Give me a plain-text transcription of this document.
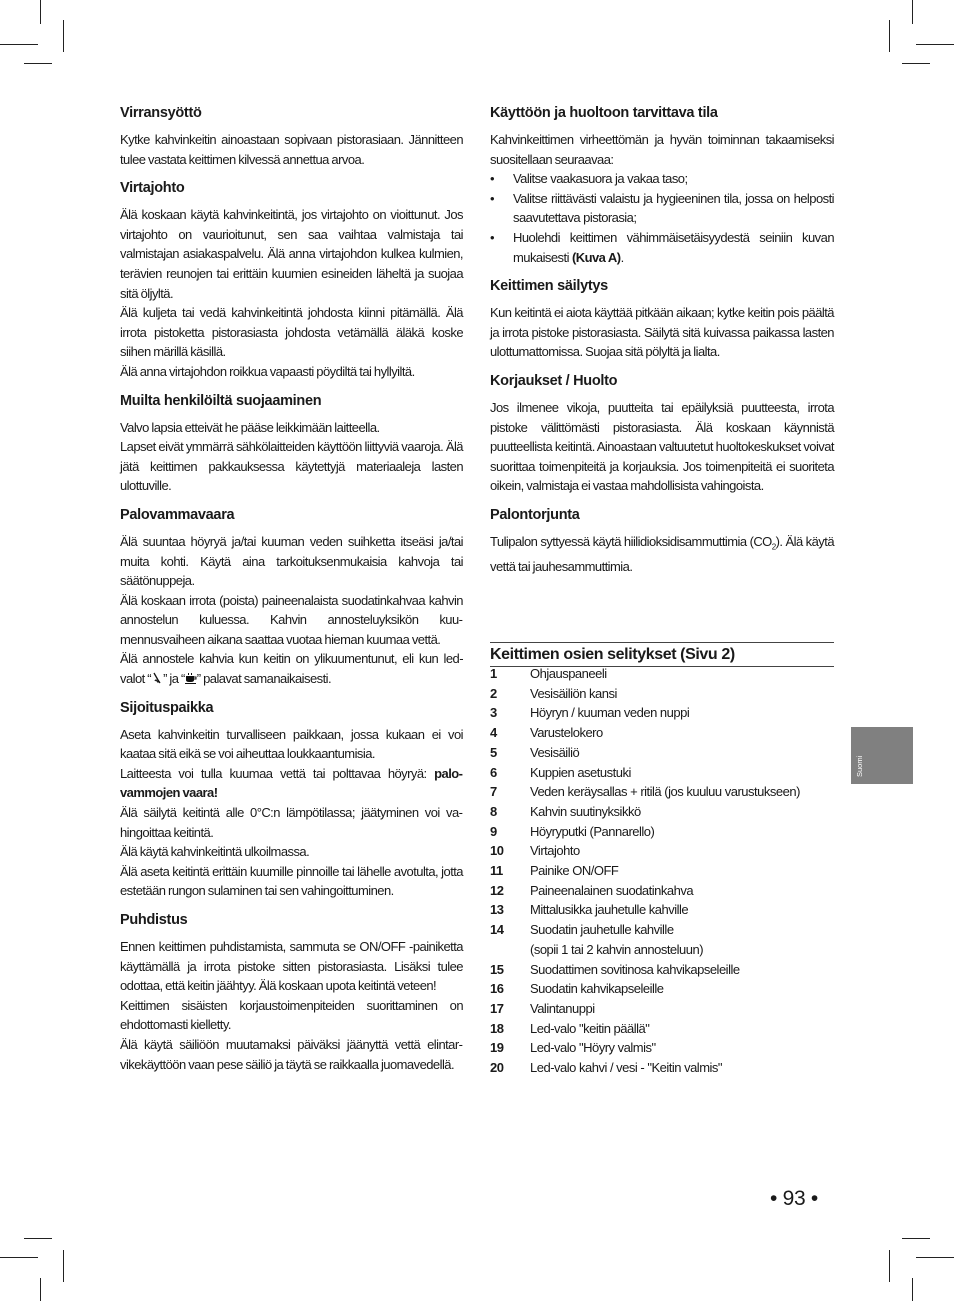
Virransyöttö

Kytke kahvinkeitin ainoastaan sopivaan pistorasiaan. Jännitteen tulee vastata keittimen kilvessä annettua arvoa.

Virtajohto

Älä koskaan käytä kahvinkeitintä, jos virtajohto on vioittunut. Jos virtajohto on vaurioitunut, sen saa vaihtaa valmistaja tai valmistajan asiakaspalvelu. Älä anna virtajohdon kulkea kulmien, terävien reunojen tai erittäin kuumien esineiden läheltä ja suojaa sitä öljyltä.

Älä kuljeta tai vedä kahvinkeitintä johdosta kiinni pitämällä. Älä irrota pistoketta pistorasiasta johdosta vetämällä äläkä koske siihen märillä käsillä.

Älä anna virtajohdon roikkua vapaasti pöydiltä tai hyllyiltä.

Muilta henkilöiltä suojaaminen

Valvo lapsia etteivät he pääse leikkimään laitteella.

Lapset eivät ymmärrä sähkölaitteiden käyttöön liittyviä vaaroja. Älä jätä keittimen pakkauksessa käytettyjä materiaaleja lasten ulottuville.

Palovammavaara

Älä suuntaa höyryä ja/tai kuuman veden suihketta itseäsi ja/tai muita kohti. Käytä aina tarkoituksenmukaisia kahvoja tai säätönuppeja.

Älä koskaan irrota (poista) paineenalaista suodatinkahvaa kahvin annostelun kuluessa. Kahvin annosteluyksikön kuumennusvaiheen aikana saattaa vuotaa hieman kuumaa vettä.

Älä annostele kahvia kun keitin on ylikuumentunut, eli kun led-valot “ ” ja “ ” palavat samanaikaisesti.

Sijoituspaikka

Aseta kahvinkeitin turvalliseen paikkaan, jossa kukaan ei voi kaataa sitä eikä se voi aiheuttaa loukkaantumisia.

Laitteesta voi tulla kuumaa vettä tai polttavaa höyryä: palovammojen vaara!

Älä säilytä keitintä alle 0°C:n lämpötilassa; jäätyminen voi vahingoittaa keitintä.

Älä käytä kahvinkeitintä ulkoilmassa.

Älä aseta keitintä erittäin kuumille pinnoille tai lähelle avotulta, jotta estetään rungon sulaminen tai sen vahingoittuminen.

Puhdistus

Ennen keittimen puhdistamista, sammuta se ON/OFF -painiketta käyttämällä ja irrota pistoke sitten pistorasiasta. Lisäksi tulee odottaa, että keitin jäähtyy. Älä koskaan upota keitintä veteen!

Keittimen sisäisten korjaustoimenpiteiden suorittaminen on ehdottomasti kielletty.

Älä käytä säiliöön muutamaksi päiväksi jäänyttä vettä elintarvikekäyttöön vaan pese säiliö ja täytä se raikkaalla juomavedellä.

Käyttöön ja huoltoon tarvittava tila

Kahvinkeittimen virheettömän ja hyvän toiminnan takaamiseksi suositellaan seuraavaa:

• Valitse vaakasuora ja vakaa taso;
• Valitse riittävästi valaistu ja hygieeninen tila, jossa on helposti saavutettava pistorasia;
• Huolehdi keittimen vähimmäisetäisyydestä seiniin kuvan mukaisesti (Kuva A).
Keittimen säilytys

Kun keitintä ei aiota käyttää pitkään aikaan; kytke keitin pois päältä ja irrota pistoke pistorasiasta. Säilytä sitä kuivassa paikassa lasten ulottumattomissa. Suojaa sitä pölyltä ja lialta.

Korjaukset / Huolto

Jos ilmenee vikoja, puutteita tai epäilyksiä puutteesta, irrota pistoke välittömästi pistorasiasta. Älä koskaan käynnistä puutteellista keitintä. Ainoastaan valtuutetut huoltokeskukset voivat suorittaa toimenpiteitä ja korjauksia. Jos toimenpiteitä ei suoriteta oikein, valmistaja ei vastaa mahdollisista vahingoista.

Palontorjunta

Tulipalon syttyessä käytä hiilidioksidisammuttimia $(CO_2)$. Älä käytä vettä tai jauhesammuttimia.

Keittimen osien selitykset (Sivu 2)
1	Ohjauspaneeli
2	Vesisäiliön kansi
3	Höyryn / kuuman veden nuppi
4	Varustelokero
5	Vesisäiliö
6	Kuppien asetustuki
7	Veden keräysallas + ritilä (jos kuuluu varustukseen)
8	Kahvin suutinyksikkö
9	Höyryputki (Pannarello)
10	Virtajohto
11	Painike ON/OFF
12	Paineenalainen suodatinkahva
13	Mittalusikka jauhetulle kahville
14	Suodatin jauhetulle kahville
(sopii 1 tai 2 kahvin annosteluun)
15	Suodattimen sovitinosa kahvikapseleille
16	Suodatin kahvikapseleille
17	Valintanuppi
18	Led-valo "keitin päällä"
19	Led-valo "Höyry valmis"
20	Led-valo kahvi / vesi - "Keitin valmis"
Suomi
• 93 •
